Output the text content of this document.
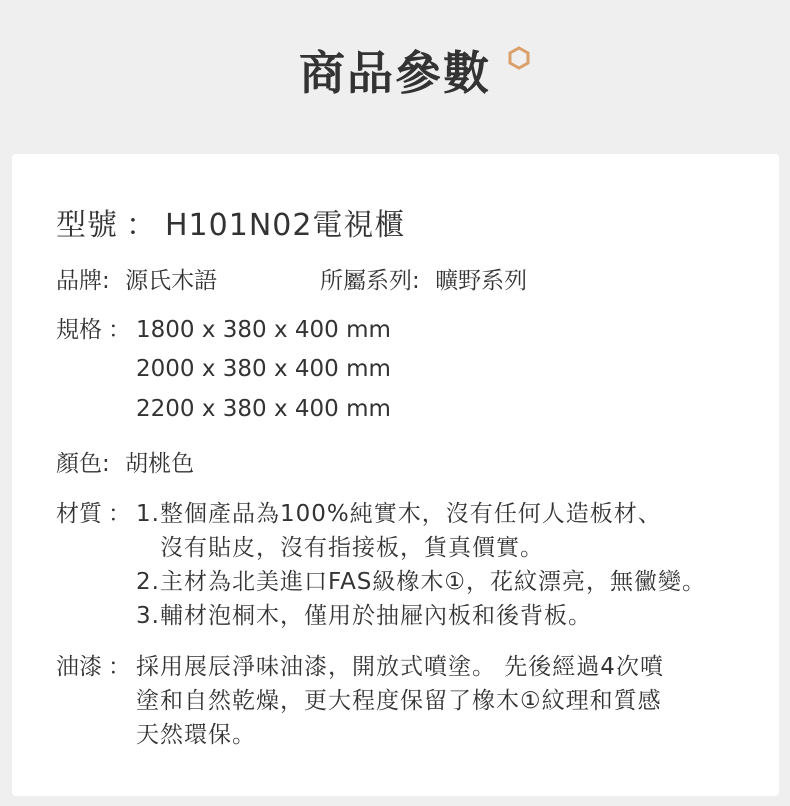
商品參數
型號 ： H101N02電視櫃
品牌: 源氏木語	所屬系列: 曠野系列
規格 ： 1800 x 380 x 400 mm
2000 x 380 x 400 mm
2200 x 380 x 400 mm
顏色: 胡桃色
材質 ： 1.整個產品為100%純實木，沒有任何人造板材、
沒有貼皮，沒有指接板，貨真價實。
2.主材為北美進口FAS級橡木①，花紋漂亮，無黴變。
3.輔材泡桐木，僅用於抽屜內板和後背板。
油漆 ： 採用展辰淨味油漆，開放式噴塗。 先後經過4次噴
塗和自然乾燥，更大程度保留了橡木①紋理和質感
天然環保。
